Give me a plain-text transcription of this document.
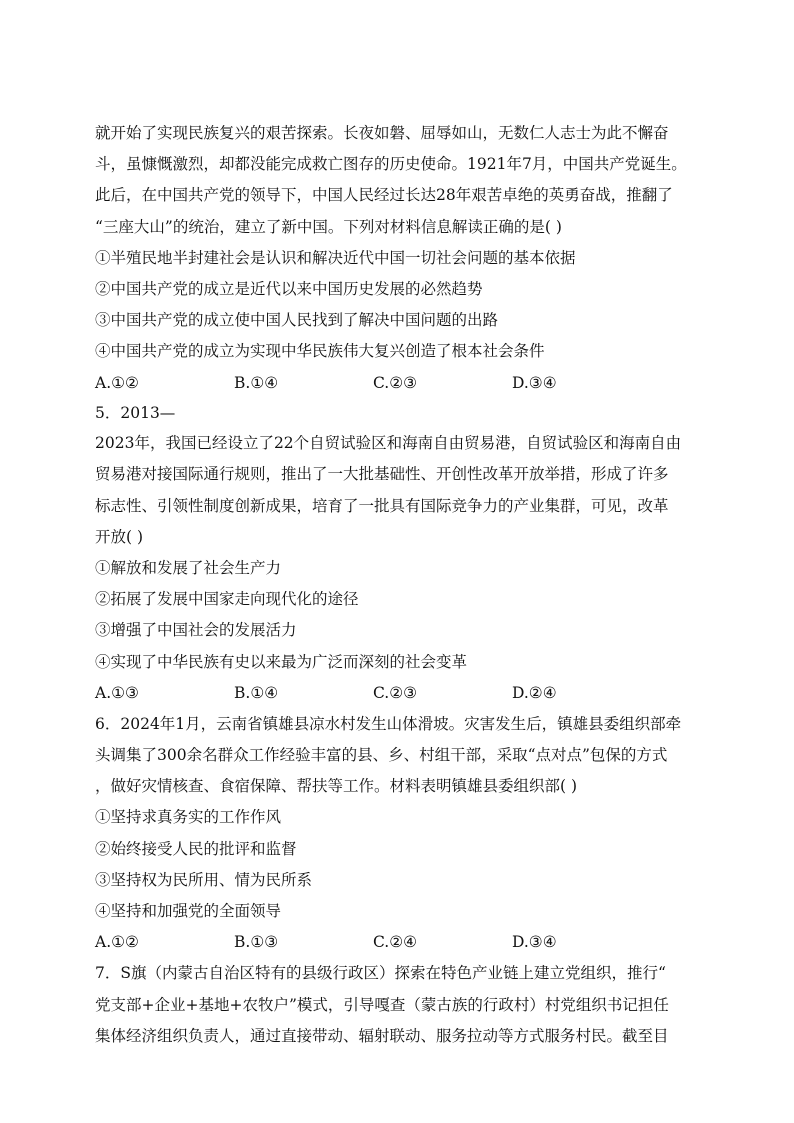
就开始了实现民族复兴的艰苦探索。长夜如磐、屈辱如山，无数仁人志士为此不懈奋
斗，虽慷慨激烈，却都没能完成救亡图存的历史使命。1921年7月，中国共产党诞生。
此后，在中国共产党的领导下，中国人民经过长达28年艰苦卓绝的英勇奋战，推翻了
“三座大山”的统治，建立了新中国。下列对材料信息解读正确的是( )
①半殖民地半封建社会是认识和解决近代中国一切社会问题的基本依据
②中国共产党的成立是近代以来中国历史发展的必然趋势
③中国共产党的成立使中国人民找到了解决中国问题的出路
④中国共产党的成立为实现中华民族伟大复兴创造了根本社会条件
A.①②	B.①④	C.②③	D.③④
5．2013—
2023年，我国已经设立了22个自贸试验区和海南自由贸易港，自贸试验区和海南自由
贸易港对接国际通行规则，推出了一大批基础性、开创性改革开放举措，形成了许多
标志性、引领性制度创新成果，培育了一批具有国际竞争力的产业集群，可见，改革
开放( )
①解放和发展了社会生产力
②拓展了发展中国家走向现代化的途径
③增强了中国社会的发展活力
④实现了中华民族有史以来最为广泛而深刻的社会变革
A.①③	B.①④	C.②③	D.②④
6．2024年1月，云南省镇雄县凉水村发生山体滑坡。灾害发生后，镇雄县委组织部牵
头调集了300余名群众工作经验丰富的县、乡、村组干部，采取“点对点”包保的方式
，做好灾情核查、食宿保障、帮扶等工作。材料表明镇雄县委组织部( )
①坚持求真务实的工作作风
②始终接受人民的批评和监督
③坚持权为民所用、情为民所系
④坚持和加强党的全面领导
A.①②	B.①③	C.②④	D.③④
7．S旗（内蒙古自治区特有的县级行政区）探索在特色产业链上建立党组织，推行“
党支部+企业+基地+农牧户”模式，引导嘎查（蒙古族的行政村）村党组织书记担任
集体经济组织负责人，通过直接带动、辐射联动、服务拉动等方式服务村民。截至目
